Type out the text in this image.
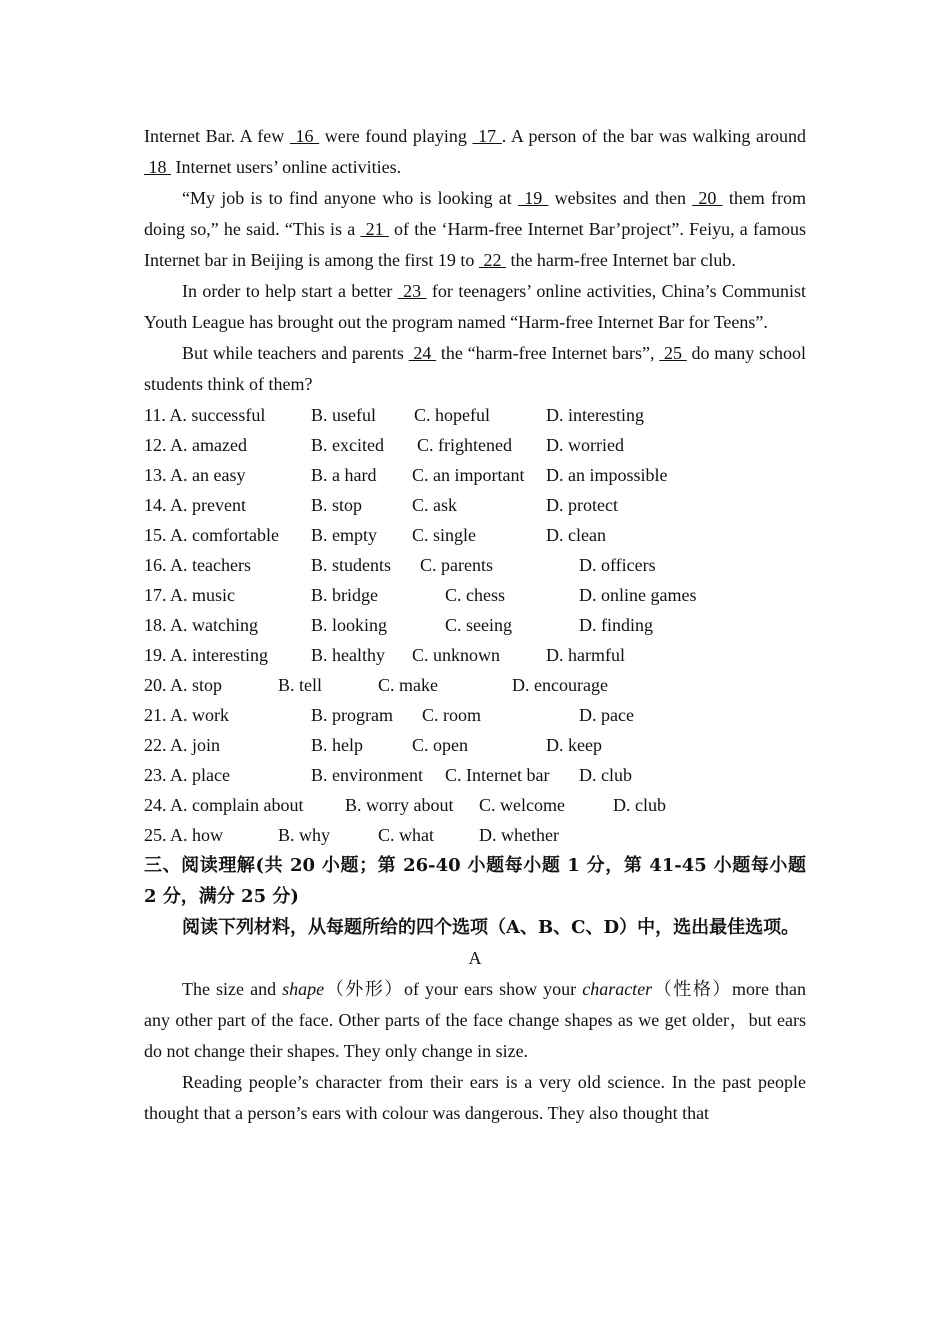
Internet Bar. A few  16  were found playing  17 . A person of the bar was walking around  18  Internet users’ online activities.

“My job is to find anyone who is looking at  19  websites and then  20  them from doing so,” he said. “This is a  21  of the ‘Harm-free Internet Bar’project”. Feiyu, a famous Internet bar in Beijing is among the first 19 to  22  the harm-free Internet bar club.

In order to help start a better  23  for teenagers’ online activities, China’s Communist Youth League has brought out the program named “Harm-free Internet Bar for Teens”.

But while teachers and parents  24  the “harm-free Internet bars”,  25  do many school students think of them?

11. A. successful	B. useful C. hopeful	D. interesting
12. A. amazed	B. excited C. frightened D. worried
13. A. an easy	B. a hard C. an important D. an impossible
14. A. prevent	B. stop	C. ask	D. protect
15. A. comfortable B. empty C. single	D. clean
16. A. teachers	B. students C. parents	D. officers
17. A. music	B. bridge	C. chess	D. online games
18. A. watching	B. looking	C. seeing	D. finding
19. A. interesting B. healthy C. unknown	D. harmful
20. A. stop	B. tell	C. make	D. encourage
21. A. work	B. program C. room	D. pace
22. A. join	B. help	C. open	D. keep
23. A. place	B. environment C. Internet bar D. club
24. A. complain about B. worry about C. welcome	D. club
25. A. how	B. why	C. what	D. whether

三、阅读理解(共 20 小题；第 26-40 小题每小题 1 分，第 41-45 小题每小题 2 分，满分 25 分)

阅读下列材料，从每题所给的四个选项（A、B、C、D）中，选出最佳选项。

A

The size and shape（外形）of your ears show your character（性格）more than any other part of the face. Other parts of the face change shapes as we get older，but ears do not change their shapes. They only change in size.

Reading people’s character from their ears is a very old science. In the past people thought that a person’s ears with colour was dangerous. They also thought that
